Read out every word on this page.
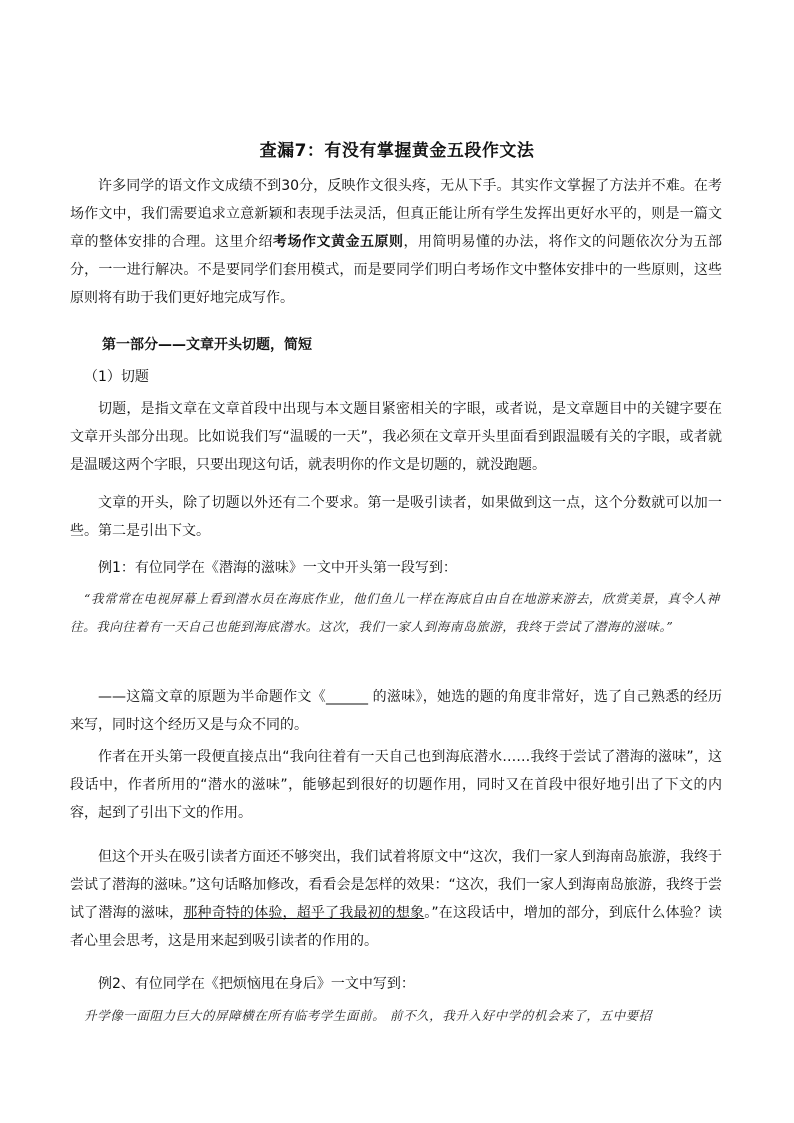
查漏7：有没有掌握黄金五段作文法
许多同学的语文作文成绩不到30分，反映作文很头疼，无从下手。其实作文掌握了方法并不难。在考场作文中，我们需要追求立意新颖和表现手法灵活，但真正能让所有学生发挥出更好水平的，则是一篇文章的整体安排的合理。这里介绍考场作文黄金五原则，用简明易懂的办法，将作文的问题依次分为五部分，一一进行解决。不是要同学们套用模式，而是要同学们明白考场作文中整体安排中的一些原则，这些原则将有助于我们更好地完成写作。
第一部分——文章开头切题，简短
（1）切题
切题，是指文章在文章首段中出现与本文题目紧密相关的字眼，或者说，是文章题目中的关键字要在文章开头部分出现。比如说我们写“温暖的一天”，我必须在文章开头里面看到跟温暖有关的字眼，或者就是温暖这两个字眼，只要出现这句话，就表明你的作文是切题的，就没跑题。
文章的开头，除了切题以外还有二个要求。第一是吸引读者，如果做到这一点，这个分数就可以加一些。第二是引出下文。
例1：有位同学在《潜海的滋味》一文中开头第一段写到：
“我常常在电视屏幕上看到潜水员在海底作业，他们鱼儿一样在海底自由自在地游来游去，欣赏美景，真令人神往。我向往着有一天自己也能到海底潜水。这次，我们一家人到海南岛旅游，我终于尝试了潜海的滋味。”
——这篇文章的原题为半命题作文《______ 的滋味》，她选的题的角度非常好，选了自己熟悉的经历来写，同时这个经历又是与众不同的。
作者在开头第一段便直接点出“我向往着有一天自己也到海底潜水……我终于尝试了潜海的滋味”，这段话中，作者所用的“潜水的滋味”，能够起到很好的切题作用，同时又在首段中很好地引出了下文的内容，起到了引出下文的作用。
但这个开头在吸引读者方面还不够突出，我们试着将原文中“这次，我们一家人到海南岛旅游，我终于尝试了潜海的滋味。”这句话略加修改，看看会是怎样的效果：“这次，我们一家人到海南岛旅游，我终于尝试了潜海的滋味，那种奇特的体验，超乎了我最初的想象。”在这段话中，增加的部分，到底什么体验？读者心里会思考，这是用来起到吸引读者的作用的。
例2、有位同学在《把烦恼甩在身后》一文中写到：
升学像一面阻力巨大的屏障横在所有临考学生面前。 前不久，我升入好中学的机会来了，五中要招
